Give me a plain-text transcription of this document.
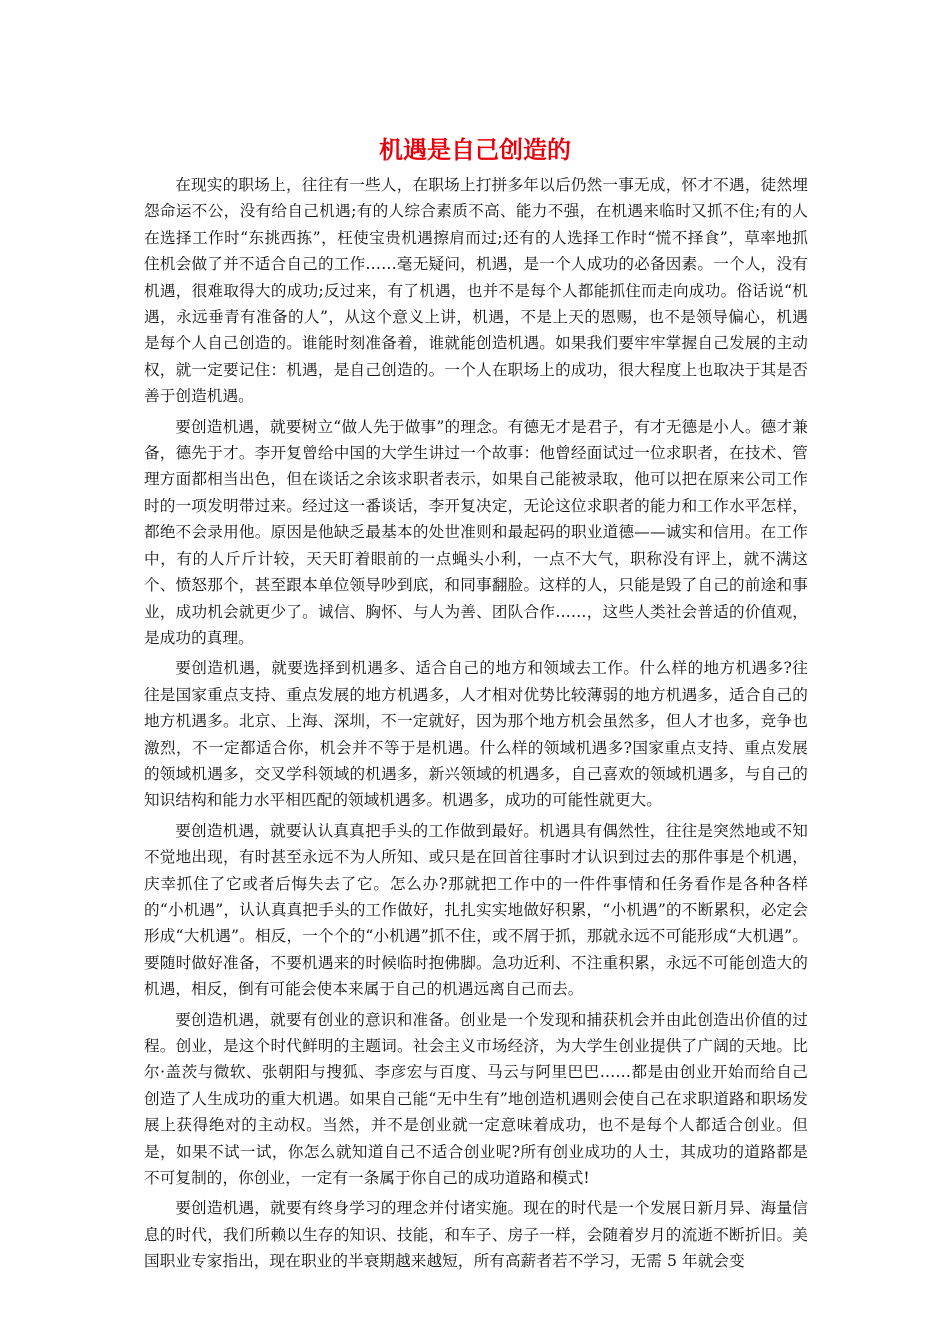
机遇是自己创造的

在现实的职场上，往往有一些人，在职场上打拼多年以后仍然一事无成，怀才不遇，徒然埋怨命运不公，没有给自己机遇;有的人综合素质不高、能力不强，在机遇来临时又抓不住;有的人在选择工作时“东挑西拣”，枉使宝贵机遇擦肩而过;还有的人选择工作时“慌不择食”，草率地抓住机会做了并不适合自己的工作……毫无疑问，机遇，是一个人成功的必备因素。一个人，没有机遇，很难取得大的成功;反过来，有了机遇，也并不是每个人都能抓住而走向成功。俗话说“机遇，永远垂青有准备的人”，从这个意义上讲，机遇，不是上天的恩赐，也不是领导偏心，机遇是每个人自己创造的。谁能时刻准备着，谁就能创造机遇。如果我们要牢牢掌握自己发展的主动权，就一定要记住：机遇，是自己创造的。一个人在职场上的成功，很大程度上也取决于其是否善于创造机遇。

要创造机遇，就要树立“做人先于做事”的理念。有德无才是君子，有才无德是小人。德才兼备，德先于才。李开复曾给中国的大学生讲过一个故事：他曾经面试过一位求职者，在技术、管理方面都相当出色，但在谈话之余该求职者表示，如果自己能被录取，他可以把在原来公司工作时的一项发明带过来。经过这一番谈话，李开复决定，无论这位求职者的能力和工作水平怎样，都绝不会录用他。原因是他缺乏最基本的处世准则和最起码的职业道德——诚实和信用。在工作中，有的人斤斤计较，天天盯着眼前的一点蝇头小利，一点不大气，职称没有评上，就不满这个、愤怒那个，甚至跟本单位领导吵到底，和同事翻脸。这样的人，只能是毁了自己的前途和事业，成功机会就更少了。诚信、胸怀、与人为善、团队合作……，这些人类社会普适的价值观， 是成功的真理。

要创造机遇，就要选择到机遇多、适合自己的地方和领域去工作。什么样的地方机遇多?往往是国家重点支持、重点发展的地方机遇多，人才相对优势比较薄弱的地方机遇多，适合自己的地方机遇多。北京、上海、深圳，不一定就好，因为那个地方机会虽然多，但人才也多，竞争也激烈，不一定都适合你，机会并不等于是机遇。什么样的领域机遇多?国家重点支持、重点发展的领域机遇多，交叉学科领域的机遇多，新兴领域的机遇多，自己喜欢的领域机遇多，与自己的知识结构和能力水平相匹配的领域机遇多。机遇多，成功的可能性就更大。

要创造机遇，就要认认真真把手头的工作做到最好。机遇具有偶然性，往往是突然地或不知不觉地出现，有时甚至永远不为人所知、或只是在回首往事时才认识到过去的那件事是个机遇，庆幸抓住了它或者后悔失去了它。怎么办?那就把工作中的一件件事情和任务看作是各种各样的“小机遇”，认认真真把手头的工作做好，扎扎实实地做好积累，“小机遇”的不断累积，必定会形成“大机遇”。相反，一个个的“小机遇”抓不住，或不屑于抓，那就永远不可能形成“大机遇”。要随时做好准备，不要机遇来的时候临时抱佛脚。急功近利、不注重积累，永远不可能创造大的机遇，相反，倒有可能会使本来属于自己的机遇远离自己而去。

要创造机遇，就要有创业的意识和准备。创业是一个发现和捕获机会并由此创造出价值的过程。创业，是这个时代鲜明的主题词。社会主义市场经济，为大学生创业提供了广阔的天地。比尔·盖茨与微软、张朝阳与搜狐、李彦宏与百度、马云与阿里巴巴……都是由创业开始而给自己创造了人生成功的重大机遇。如果自己能“无中生有”地创造机遇则会使自己在求职道路和职场发展上获得绝对的主动权。当然，并不是创业就一定意味着成功，也不是每个人都适合创业。但是，如果不试一试，你怎么就知道自己不适合创业呢?所有创业成功的人士，其成功的道路都是不可复制的，你创业，一定有一条属于你自己的成功道路和模式!

要创造机遇，就要有终身学习的理念并付诸实施。现在的时代是一个发展日新月异、海量信息的时代，我们所赖以生存的知识、技能，和车子、房子一样，会随着岁月的流逝不断折旧。美国职业专家指出，现在职业的半衰期越来越短，所有高薪者若不学习，无需 5 年就会变
